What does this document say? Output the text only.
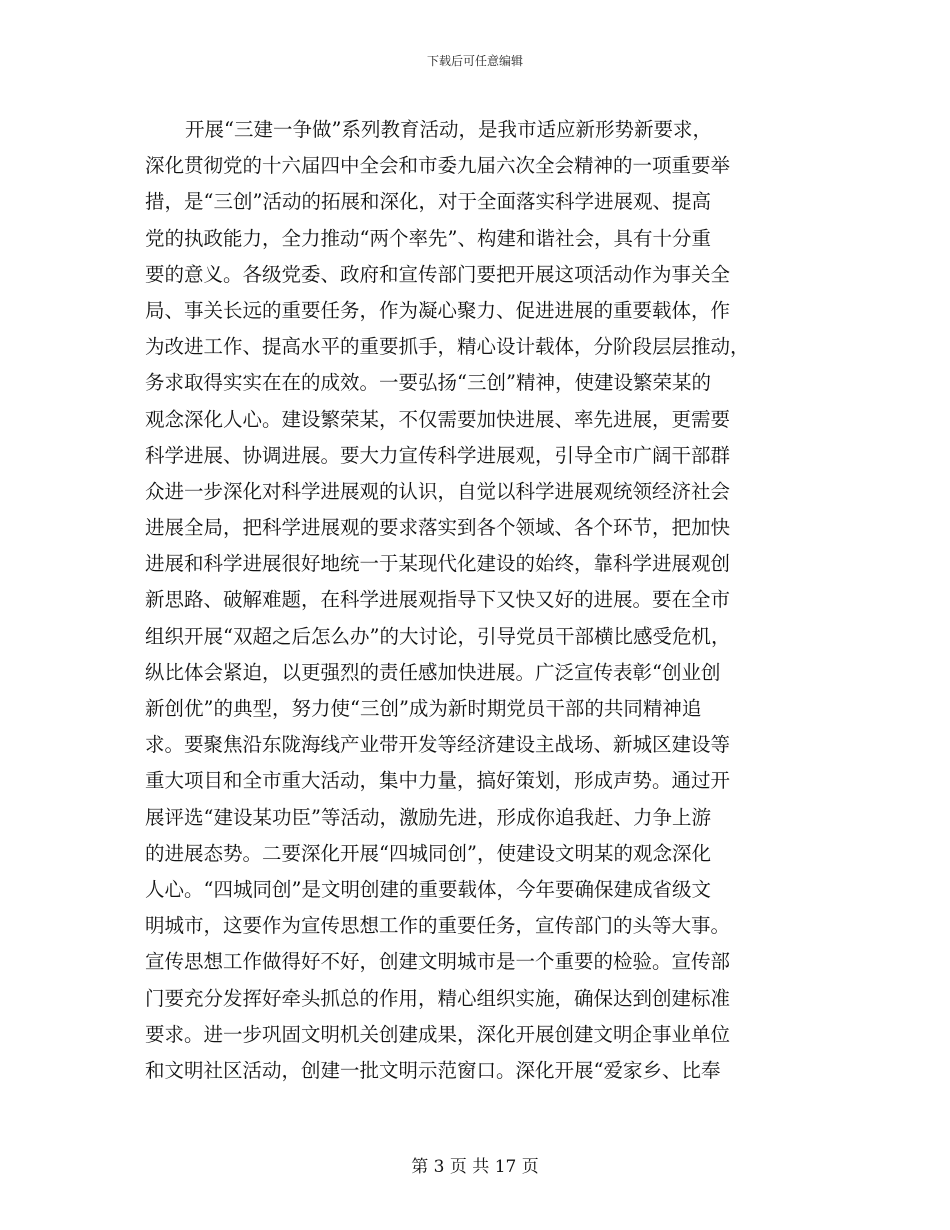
下载后可任意编辑
开展“三建一争做”系列教育活动，是我市适应新形势新要求，
深化贯彻党的十六届四中全会和市委九届六次全会精神的一项重要举
措，是“三创”活动的拓展和深化，对于全面落实科学进展观、提高
党的执政能力，全力推动“两个率先”、构建和谐社会，具有十分重
要的意义。各级党委、政府和宣传部门要把开展这项活动作为事关全
局、事关长远的重要任务，作为凝心聚力、促进进展的重要载体，作
为改进工作、提高水平的重要抓手，精心设计载体，分阶段层层推动，
务求取得实实在在的成效。一要弘扬“三创”精神，使建设繁荣某的
观念深化人心。建设繁荣某，不仅需要加快进展、率先进展，更需要
科学进展、协调进展。要大力宣传科学进展观，引导全市广阔干部群
众进一步深化对科学进展观的认识，自觉以科学进展观统领经济社会
进展全局，把科学进展观的要求落实到各个领域、各个环节，把加快
进展和科学进展很好地统一于某现代化建设的始终，靠科学进展观创
新思路、破解难题，在科学进展观指导下又快又好的进展。要在全市
组织开展“双超之后怎么办”的大讨论，引导党员干部横比感受危机，
纵比体会紧迫，以更强烈的责任感加快进展。广泛宣传表彰“创业创
新创优”的典型，努力使“三创”成为新时期党员干部的共同精神追
求。要聚焦沿东陇海线产业带开发等经济建设主战场、新城区建设等
重大项目和全市重大活动，集中力量，搞好策划，形成声势。通过开
展评选“建设某功臣”等活动，激励先进，形成你追我赶、力争上游
的进展态势。二要深化开展“四城同创”，使建设文明某的观念深化
人心。“四城同创”是文明创建的重要载体，今年要确保建成省级文
明城市，这要作为宣传思想工作的重要任务，宣传部门的头等大事。
宣传思想工作做得好不好，创建文明城市是一个重要的检验。宣传部
门要充分发挥好牵头抓总的作用，精心组织实施，确保达到创建标准
要求。进一步巩固文明机关创建成果，深化开展创建文明企事业单位
和文明社区活动，创建一批文明示范窗口。深化开展“爱家乡、比奉
第 3 页 共 17 页
